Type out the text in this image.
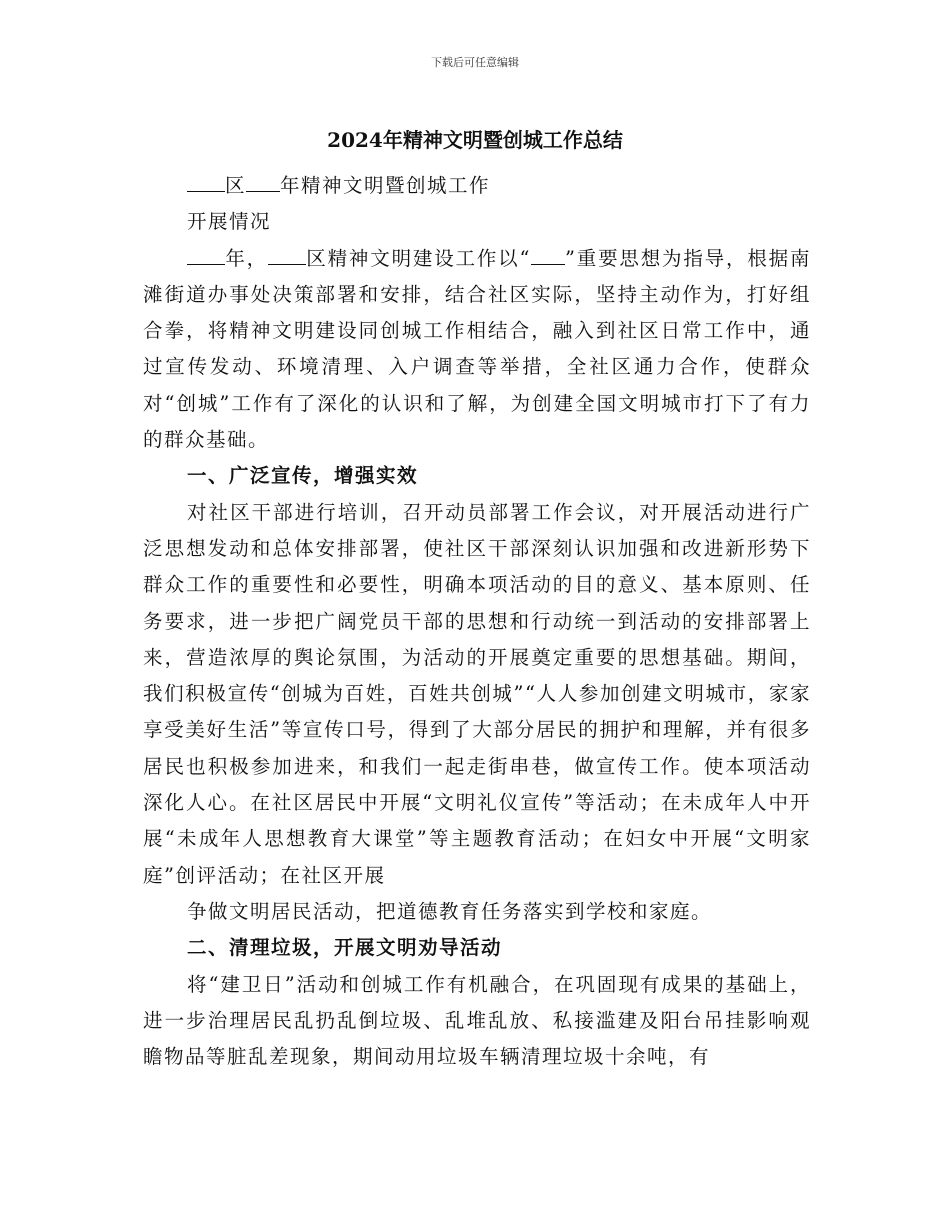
下载后可任意编辑
2024年精神文明暨创城工作总结

区 年精神文明暨创城工作

开展情况

年， 区精神文明建设工作以“ ”重要思想为指导，根据南滩街道办事处决策部署和安排，结合社区实际，坚持主动作为，打好组合拳，将精神文明建设同创城工作相结合，融入到社区日常工作中，通过宣传发动、环境清理、入户调查等举措，全社区通力合作，使群众对“创城”工作有了深化的认识和了解，为创建全国文明城市打下了有力的群众基础。

一、广泛宣传，增强实效

对社区干部进行培训，召开动员部署工作会议，对开展活动进行广泛思想发动和总体安排部署，使社区干部深刻认识加强和改进新形势下群众工作的重要性和必要性，明确本项活动的目的意义、基本原则、任务要求，进一步把广阔党员干部的思想和行动统一到活动的安排部署上来，营造浓厚的舆论氛围，为活动的开展奠定重要的思想基础。期间，我们积极宣传“创城为百姓，百姓共创城”“人人参加创建文明城市，家家享受美好生活”等宣传口号，得到了大部分居民的拥护和理解，并有很多居民也积极参加进来，和我们一起走街串巷，做宣传工作。使本项活动深化人心。在社区居民中开展“文明礼仪宣传”等活动；在未成年人中开展“未成年人思想教育大课堂”等主题教育活动；在妇女中开展“文明家庭”创评活动；在社区开展

争做文明居民活动，把道德教育任务落实到学校和家庭。

二、清理垃圾，开展文明劝导活动

将“建卫日”活动和创城工作有机融合，在巩固现有成果的基础上，进一步治理居民乱扔乱倒垃圾、乱堆乱放、私接滥建及阳台吊挂影响观瞻物品等脏乱差现象，期间动用垃圾车辆清理垃圾十余吨，有
